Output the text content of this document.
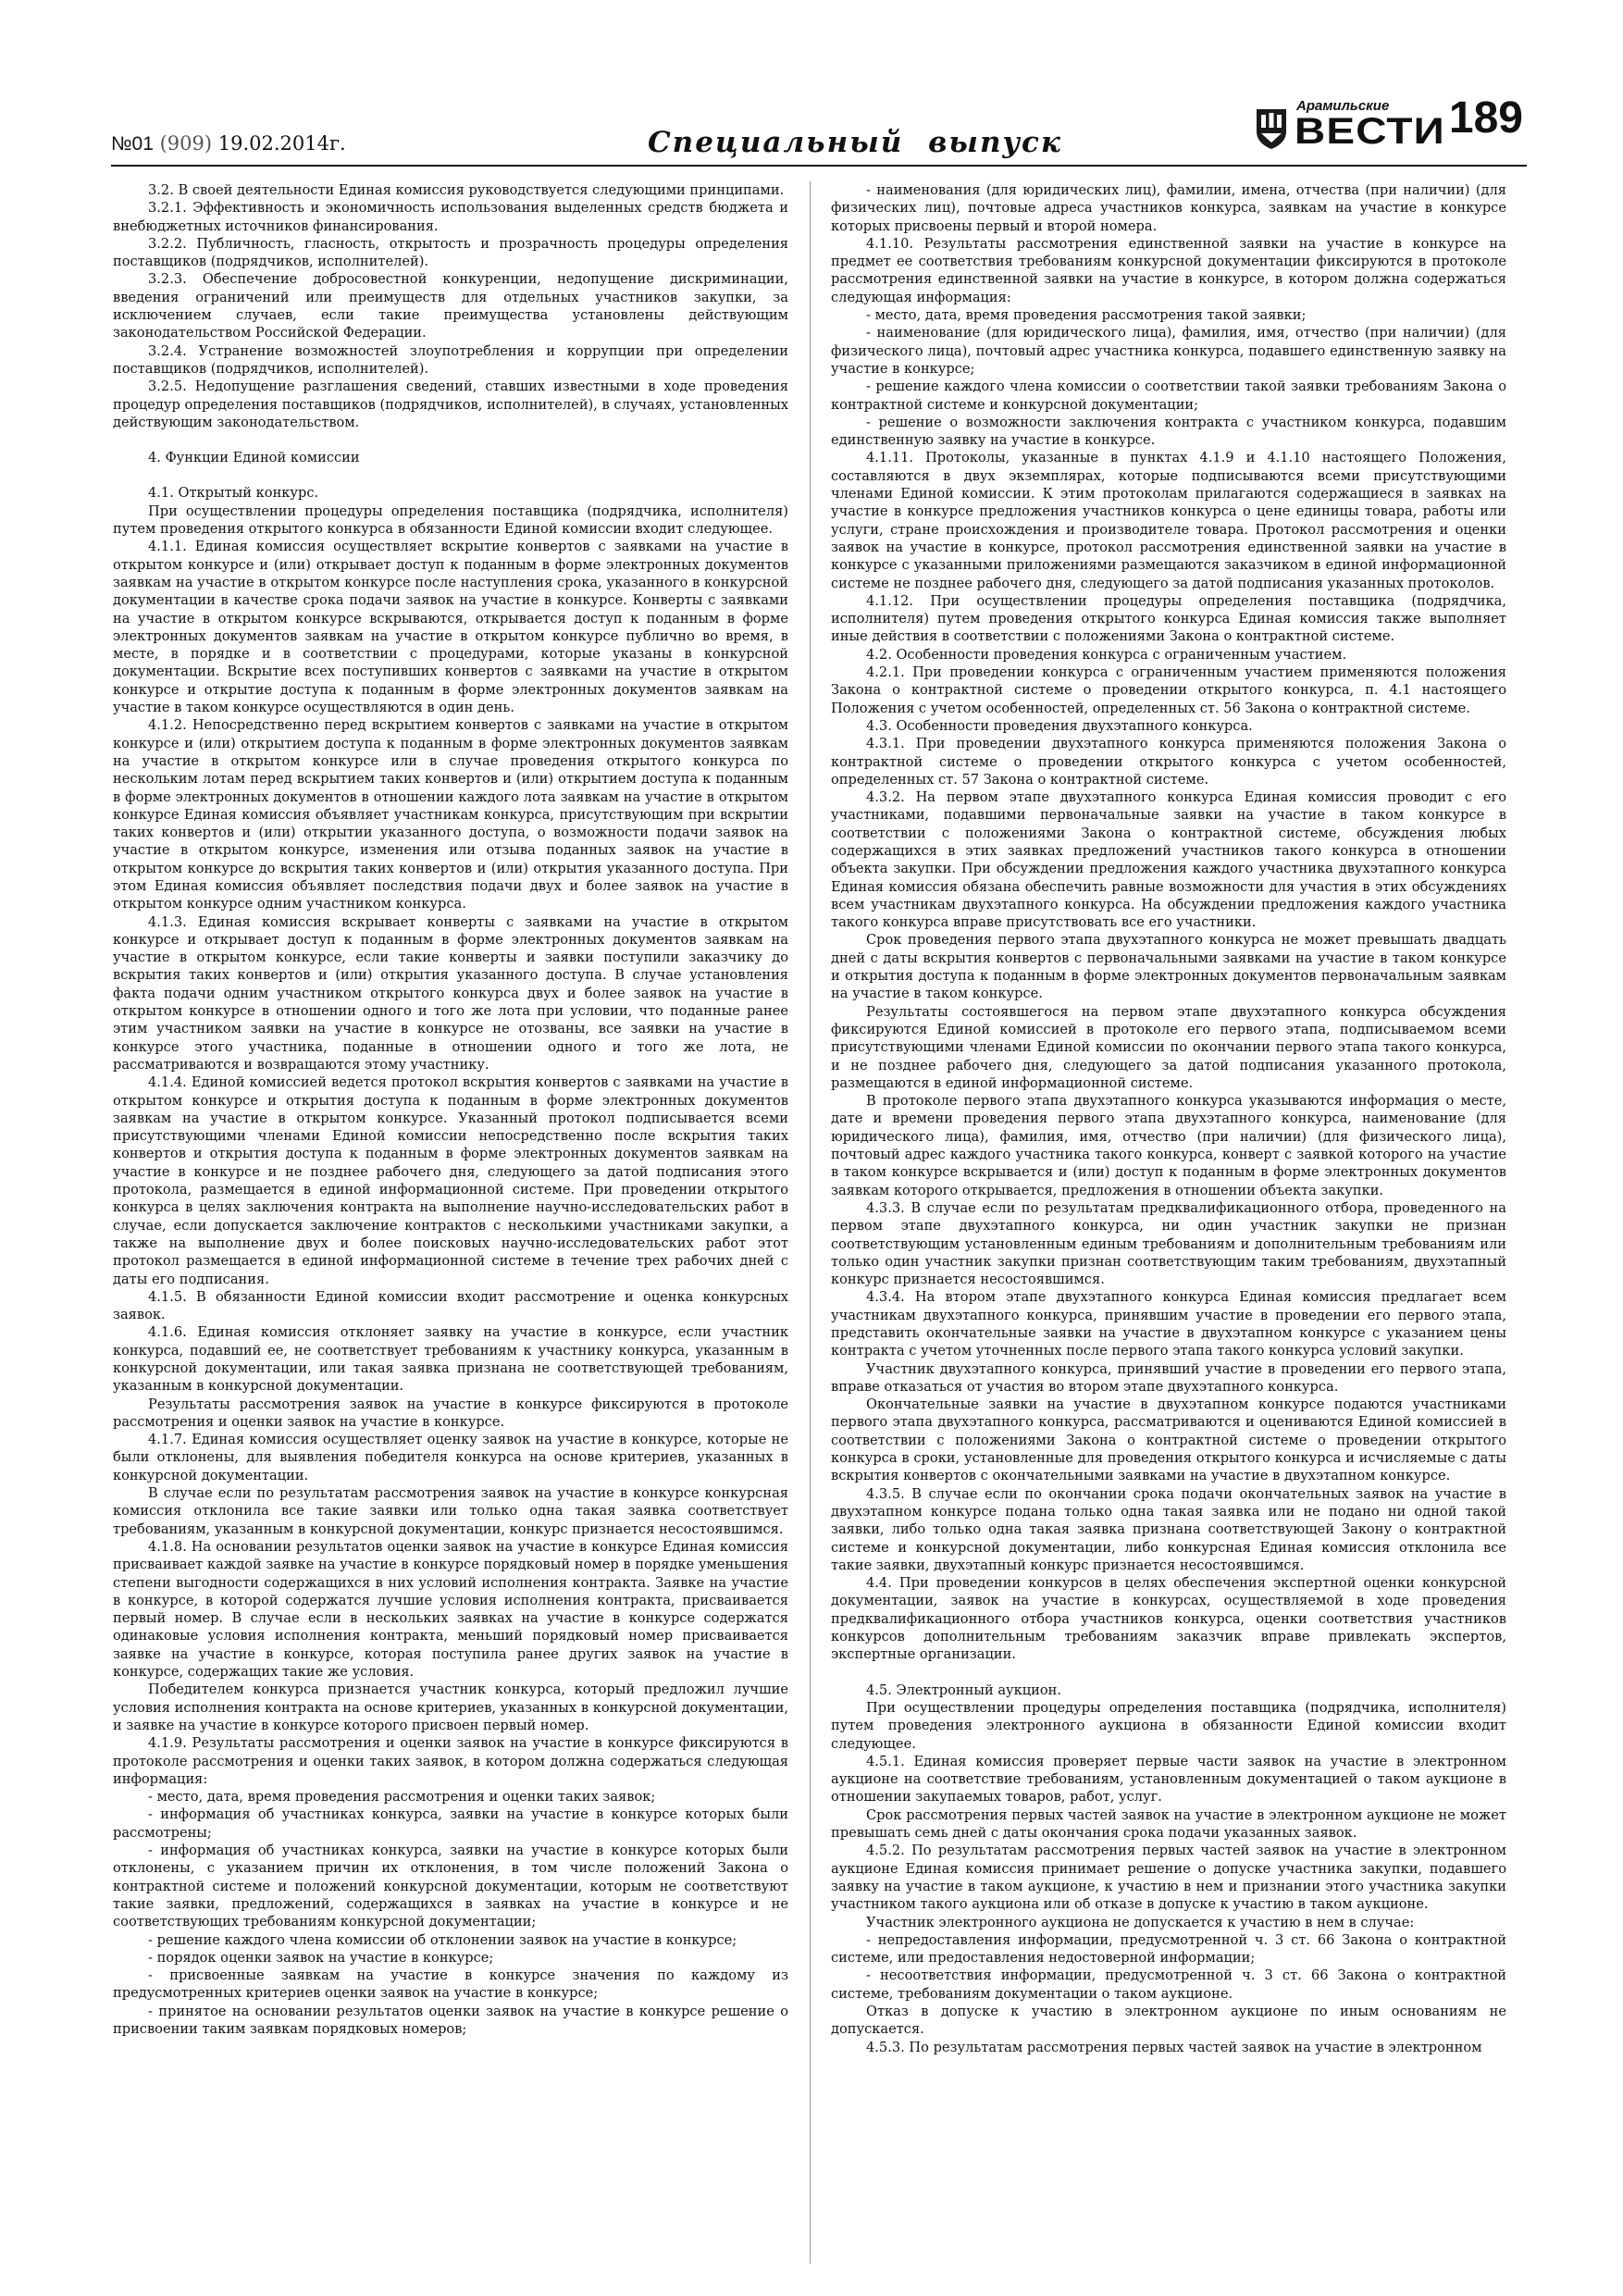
№01 (909) 19.02.2014г.	Специальный выпуск
Арамильские
ВЕСТИ 189

3.2. В своей деятельности Единая комиссия руководствуется следующими принципами.

3.2.1. Эффективность и экономичность использования выделенных средств бюджета и внебюджетных источников финансирования.

3.2.2. Публичность, гласность, открытость и прозрачность процедуры определения поставщиков (подрядчиков, исполнителей).

3.2.3. Обеспечение добросовестной конкуренции, недопущение дискриминации, введения ограничений или преимуществ для отдельных участников закупки, за исключением случаев, если такие преимущества установлены действующим законодательством Российской Федерации.

3.2.4. Устранение возможностей злоупотребления и коррупции при определении поставщиков (подрядчиков, исполнителей).

3.2.5. Недопущение разглашения сведений, ставших известными в ходе проведения процедур определения поставщиков (подрядчиков, исполнителей), в случаях, установленных действующим законодательством.

4. Функции Единой комиссии

4.1. Открытый конкурс.

При осуществлении процедуры определения поставщика (подрядчика, исполнителя) путем проведения открытого конкурса в обязанности Единой комиссии входит следующее.

4.1.1. Единая комиссия осуществляет вскрытие конвертов с заявками на участие в открытом конкурсе и (или) открывает доступ к поданным в форме электронных документов заявкам на участие в открытом конкурсе после наступления срока, указанного в конкурсной документации в качестве срока подачи заявок на участие в конкурсе. Конверты с заявками на участие в открытом конкурсе вскрываются, открывается доступ к поданным в форме электронных документов заявкам на участие в открытом конкурсе публично во время, в месте, в порядке и в соответствии с процедурами, которые указаны в конкурсной документации. Вскрытие всех поступивших конвертов с заявками на участие в открытом конкурсе и открытие доступа к поданным в форме электронных документов заявкам на участие в таком конкурсе осуществляются в один день.

4.1.2. Непосредственно перед вскрытием конвертов с заявками на участие в открытом конкурсе и (или) открытием доступа к поданным в форме электронных документов заявкам на участие в открытом конкурсе или в случае проведения открытого конкурса по нескольким лотам перед вскрытием таких конвертов и (или) открытием доступа к поданным в форме электронных документов в отношении каждого лота заявкам на участие в открытом конкурсе Единая комиссия объявляет участникам конкурса, присутствующим при вскрытии таких конвертов и (или) открытии указанного доступа, о возможности подачи заявок на участие в открытом конкурсе, изменения или отзыва поданных заявок на участие в открытом конкурсе до вскрытия таких конвертов и (или) открытия указанного доступа. При этом Единая комиссия объявляет последствия подачи двух и более заявок на участие в открытом конкурсе одним участником конкурса.

4.1.3. Единая комиссия вскрывает конверты с заявками на участие в открытом конкурсе и открывает доступ к поданным в форме электронных документов заявкам на участие в открытом конкурсе, если такие конверты и заявки поступили заказчику до вскрытия таких конвертов и (или) открытия указанного доступа. В случае установления факта подачи одним участником открытого конкурса двух и более заявок на участие в открытом конкурсе в отношении одного и того же лота при условии, что поданные ранее этим участником заявки на участие в конкурсе не отозваны, все заявки на участие в конкурсе этого участника, поданные в отношении одного и того же лота, не рассматриваются и возвращаются этому участнику.

4.1.4. Единой комиссией ведется протокол вскрытия конвертов с заявками на участие в открытом конкурсе и открытия доступа к поданным в форме электронных документов заявкам на участие в открытом конкурсе. Указанный протокол подписывается всеми присутствующими членами Единой комиссии непосредственно после вскрытия таких конвертов и открытия доступа к поданным в форме электронных документов заявкам на участие в конкурсе и не позднее рабочего дня, следующего за датой подписания этого протокола, размещается в единой информационной системе. При проведении открытого конкурса в целях заключения контракта на выполнение научно-исследовательских работ в случае, если допускается заключение контрактов с несколькими участниками закупки, а также на выполнение двух и более поисковых научно-исследовательских работ этот протокол размещается в единой информационной системе в течение трех рабочих дней с даты его подписания.

4.1.5. В обязанности Единой комиссии входит рассмотрение и оценка конкурсных заявок.

4.1.6. Единая комиссия отклоняет заявку на участие в конкурсе, если участник конкурса, подавший ее, не соответствует требованиям к участнику конкурса, указанным в конкурсной документации, или такая заявка признана не соответствующей требованиям, указанным в конкурсной документации.

Результаты рассмотрения заявок на участие в конкурсе фиксируются в протоколе рассмотрения и оценки заявок на участие в конкурсе.

4.1.7. Единая комиссия осуществляет оценку заявок на участие в конкурсе, которые не были отклонены, для выявления победителя конкурса на основе критериев, указанных в конкурсной документации.

В случае если по результатам рассмотрения заявок на участие в конкурсе конкурсная комиссия отклонила все такие заявки или только одна такая заявка соответствует требованиям, указанным в конкурсной документации, конкурс признается несостоявшимся.

4.1.8. На основании результатов оценки заявок на участие в конкурсе Единая комиссия присваивает каждой заявке на участие в конкурсе порядковый номер в порядке уменьшения степени выгодности содержащихся в них условий исполнения контракта. Заявке на участие в конкурсе, в которой содержатся лучшие условия исполнения контракта, присваивается первый номер. В случае если в нескольких заявках на участие в конкурсе содержатся одинаковые условия исполнения контракта, меньший порядковый номер присваивается заявке на участие в конкурсе, которая поступила ранее других заявок на участие в конкурсе, содержащих такие же условия.

Победителем конкурса признается участник конкурса, который предложил лучшие условия исполнения контракта на основе критериев, указанных в конкурсной документации, и заявке на участие в конкурсе которого присвоен первый номер.

4.1.9. Результаты рассмотрения и оценки заявок на участие в конкурсе фиксируются в протоколе рассмотрения и оценки таких заявок, в котором должна содержаться следующая информация:

- место, дата, время проведения рассмотрения и оценки таких заявок;

- информация об участниках конкурса, заявки на участие в конкурсе которых были рассмотрены;

- информация об участниках конкурса, заявки на участие в конкурсе которых были отклонены, с указанием причин их отклонения, в том числе положений Закона о контрактной системе и положений конкурсной документации, которым не соответствуют такие заявки, предложений, содержащихся в заявках на участие в конкурсе и не соответствующих требованиям конкурсной документации;

- решение каждого члена комиссии об отклонении заявок на участие в конкурсе;

- порядок оценки заявок на участие в конкурсе;

- присвоенные заявкам на участие в конкурсе значения по каждому из предусмотренных критериев оценки заявок на участие в конкурсе;

- принятое на основании результатов оценки заявок на участие в конкурсе решение о присвоении таким заявкам порядковых номеров;

- наименования (для юридических лиц), фамилии, имена, отчества (при наличии) (для физических лиц), почтовые адреса участников конкурса, заявкам на участие в конкурсе которых присвоены первый и второй номера.

4.1.10. Результаты рассмотрения единственной заявки на участие в конкурсе на предмет ее соответствия требованиям конкурсной документации фиксируются в протоколе рассмотрения единственной заявки на участие в конкурсе, в котором должна содержаться следующая информация:

- место, дата, время проведения рассмотрения такой заявки;

- наименование (для юридического лица), фамилия, имя, отчество (при наличии) (для физического лица), почтовый адрес участника конкурса, подавшего единственную заявку на участие в конкурсе;

- решение каждого члена комиссии о соответствии такой заявки требованиям Закона о контрактной системе и конкурсной документации;

- решение о возможности заключения контракта с участником конкурса, подавшим единственную заявку на участие в конкурсе.

4.1.11. Протоколы, указанные в пунктах 4.1.9 и 4.1.10 настоящего Положения, составляются в двух экземплярах, которые подписываются всеми присутствующими членами Единой комиссии. К этим протоколам прилагаются содержащиеся в заявках на участие в конкурсе предложения участников конкурса о цене единицы товара, работы или услуги, стране происхождения и производителе товара. Протокол рассмотрения и оценки заявок на участие в конкурсе, протокол рассмотрения единственной заявки на участие в конкурсе с указанными приложениями размещаются заказчиком в единой информационной системе не позднее рабочего дня, следующего за датой подписания указанных протоколов.

4.1.12. При осуществлении процедуры определения поставщика (подрядчика, исполнителя) путем проведения открытого конкурса Единая комиссия также выполняет иные действия в соответствии с положениями Закона о контрактной системе.

4.2. Особенности проведения конкурса с ограниченным участием.

4.2.1. При проведении конкурса с ограниченным участием применяются положения Закона о контрактной системе о проведении открытого конкурса, п. 4.1 настоящего Положения с учетом особенностей, определенных ст. 56 Закона о контрактной системе.

4.3. Особенности проведения двухэтапного конкурса.

4.3.1. При проведении двухэтапного конкурса применяются положения Закона о контрактной системе о проведении открытого конкурса с учетом особенностей, определенных ст. 57 Закона о контрактной системе.

4.3.2. На первом этапе двухэтапного конкурса Единая комиссия проводит с его участниками, подавшими первоначальные заявки на участие в таком конкурсе в соответствии с положениями Закона о контрактной системе, обсуждения любых содержащихся в этих заявках предложений участников такого конкурса в отношении объекта закупки. При обсуждении предложения каждого участника двухэтапного конкурса Единая комиссия обязана обеспечить равные возможности для участия в этих обсуждениях всем участникам двухэтапного конкурса. На обсуждении предложения каждого участника такого конкурса вправе присутствовать все его участники.

Срок проведения первого этапа двухэтапного конкурса не может превышать двадцать дней с даты вскрытия конвертов с первоначальными заявками на участие в таком конкурсе и открытия доступа к поданным в форме электронных документов первоначальным заявкам на участие в таком конкурсе.

Результаты состоявшегося на первом этапе двухэтапного конкурса обсуждения фиксируются Единой комиссией в протоколе его первого этапа, подписываемом всеми присутствующими членами Единой комиссии по окончании первого этапа такого конкурса, и не позднее рабочего дня, следующего за датой подписания указанного протокола, размещаются в единой информационной системе.

В протоколе первого этапа двухэтапного конкурса указываются информация о месте, дате и времени проведения первого этапа двухэтапного конкурса, наименование (для юридического лица), фамилия, имя, отчество (при наличии) (для физического лица), почтовый адрес каждого участника такого конкурса, конверт с заявкой которого на участие в таком конкурсе вскрывается и (или) доступ к поданным в форме электронных документов заявкам которого открывается, предложения в отношении объекта закупки.

4.3.3. В случае если по результатам предквалификационного отбора, проведенного на первом этапе двухэтапного конкурса, ни один участник закупки не признан соответствующим установленным единым требованиям и дополнительным требованиям или только один участник закупки признан соответствующим таким требованиям, двухэтапный конкурс признается несостоявшимся.

4.3.4. На втором этапе двухэтапного конкурса Единая комиссия предлагает всем участникам двухэтапного конкурса, принявшим участие в проведении его первого этапа, представить окончательные заявки на участие в двухэтапном конкурсе с указанием цены контракта с учетом уточненных после первого этапа такого конкурса условий закупки.

Участник двухэтапного конкурса, принявший участие в проведении его первого этапа, вправе отказаться от участия во втором этапе двухэтапного конкурса.

Окончательные заявки на участие в двухэтапном конкурсе подаются участниками первого этапа двухэтапного конкурса, рассматриваются и оцениваются Единой комиссией в соответствии с положениями Закона о контрактной системе о проведении открытого конкурса в сроки, установленные для проведения открытого конкурса и исчисляемые с даты вскрытия конвертов с окончательными заявками на участие в двухэтапном конкурсе.

4.3.5. В случае если по окончании срока подачи окончательных заявок на участие в двухэтапном конкурсе подана только одна такая заявка или не подано ни одной такой заявки, либо только одна такая заявка признана соответствующей Закону о контрактной системе и конкурсной документации, либо конкурсная Единая комиссия отклонила все такие заявки, двухэтапный конкурс признается несостоявшимся.

4.4. При проведении конкурсов в целях обеспечения экспертной оценки конкурсной документации, заявок на участие в конкурсах, осуществляемой в ходе проведения предквалификационного отбора участников конкурса, оценки соответствия участников конкурсов дополнительным требованиям заказчик вправе привлекать экспертов, экспертные организации.

4.5. Электронный аукцион.

При осуществлении процедуры определения поставщика (подрядчика, исполнителя) путем проведения электронного аукциона в обязанности Единой комиссии входит следующее.

4.5.1. Единая комиссия проверяет первые части заявок на участие в электронном аукционе на соответствие требованиям, установленным документацией о таком аукционе в отношении закупаемых товаров, работ, услуг.

Срок рассмотрения первых частей заявок на участие в электронном аукционе не может превышать семь дней с даты окончания срока подачи указанных заявок.

4.5.2. По результатам рассмотрения первых частей заявок на участие в электронном аукционе Единая комиссия принимает решение о допуске участника закупки, подавшего заявку на участие в таком аукционе, к участию в нем и признании этого участника закупки участником такого аукциона или об отказе в допуске к участию в таком аукционе.

Участник электронного аукциона не допускается к участию в нем в случае:

- непредоставления информации, предусмотренной ч. 3 ст. 66 Закона о контрактной системе, или предоставления недостоверной информации;

- несоответствия информации, предусмотренной ч. 3 ст. 66 Закона о контрактной системе, требованиям документации о таком аукционе.

Отказ в допуске к участию в электронном аукционе по иным основаниям не допускается.

4.5.3. По результатам рассмотрения первых частей заявок на участие в электронном
